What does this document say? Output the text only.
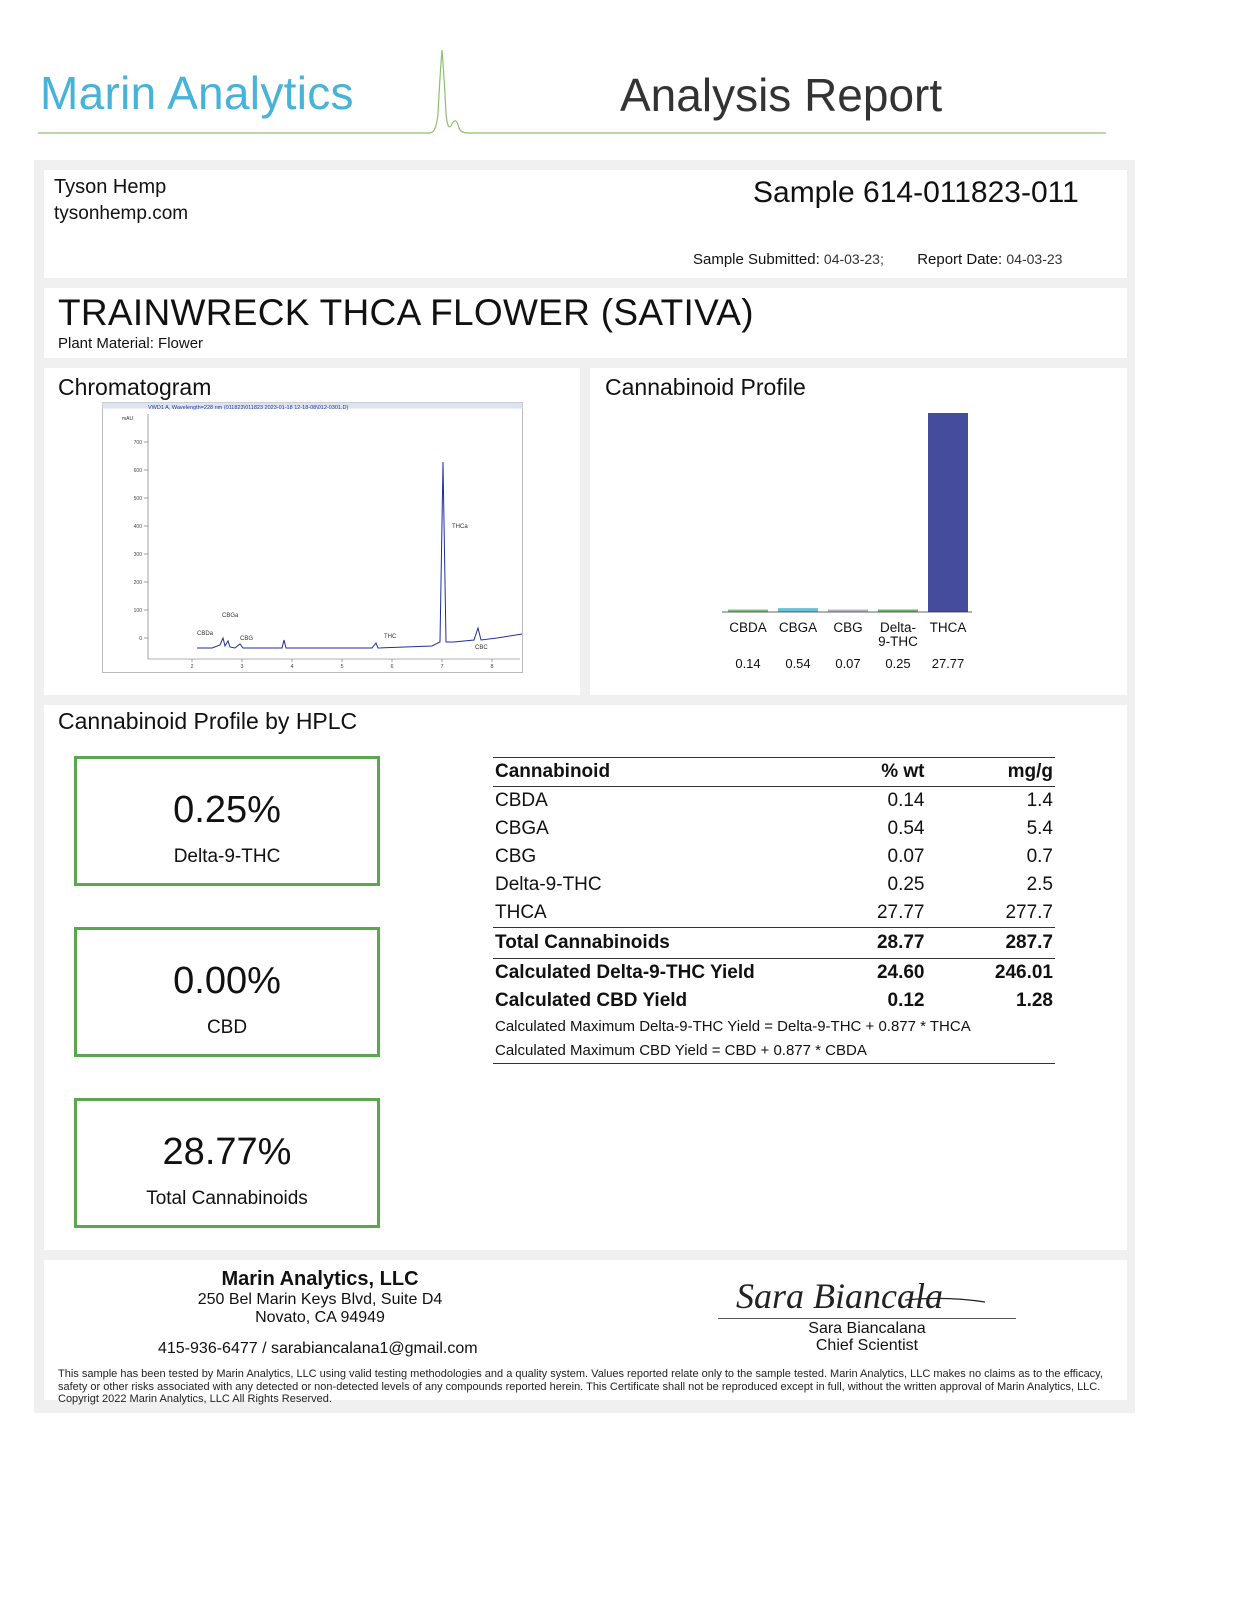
Marin Analytics	Analysis Report
Tyson Hemp
tysonhemp.com
Sample 614-011823-011
Sample Submitted: 04-03-23; Report Date: 04-03-23
TRAINWRECK THCA FLOWER (SATIVA)
Plant Material: Flower
Chromatogram
VWD1 A, Wavelength=228 nm (011823\011823 2023-01-18 12-18-08\012-0301.D)
mAU
700
600
500
400
300
200
100
0
2	3	4	5	6	7	8
CBGa
CBDa
CBG	THC
THCa
CBC
Cannabinoid Profile
CBDA CBGA CBG Delta-9-THC
THCA
0.14 0.54 0.07 0.25 27.77
Cannabinoid Profile by HPLC
0.25%
Delta-9-THC
0.00%
CBD
28.77%
Total Cannabinoids
Cannabinoid	% wt	mg/g
CBDA	0.14	1.4
CBGA	0.54	5.4
CBG	0.07	0.7
Delta-9-THC	0.25	2.5
THCA	27.77	277.7
Total Cannabinoids	28.77	287.7
Calculated Delta-9-THC Yield	24.60	246.01
Calculated CBD Yield	0.12	1.28
Calculated Maximum Delta-9-THC Yield = Delta-9-THC + 0.877 * THCA		
Calculated Maximum CBD Yield = CBD + 0.877 * CBDA		
Marin Analytics, LLC
250 Bel Marin Keys Blvd, Suite D4
Novato, CA 94949
415-936-6477 / sarabiancalana1@gmail.com
Sara Biancala
Sara Biancalana
Chief Scientist
This sample has been tested by Marin Analytics, LLC using valid testing methodologies and a quality system. Values reported relate only to the sample tested. Marin Analytics, LLC makes no claims as to the efficacy, safety or other risks associated with any detected or non-detected levels of any compounds reported herein. This Certificate shall not be reproduced except in full, without the written approval of Marin Analytics, LLC. Copyrigt 2022 Marin Analytics, LLC All Rights Reserved.
